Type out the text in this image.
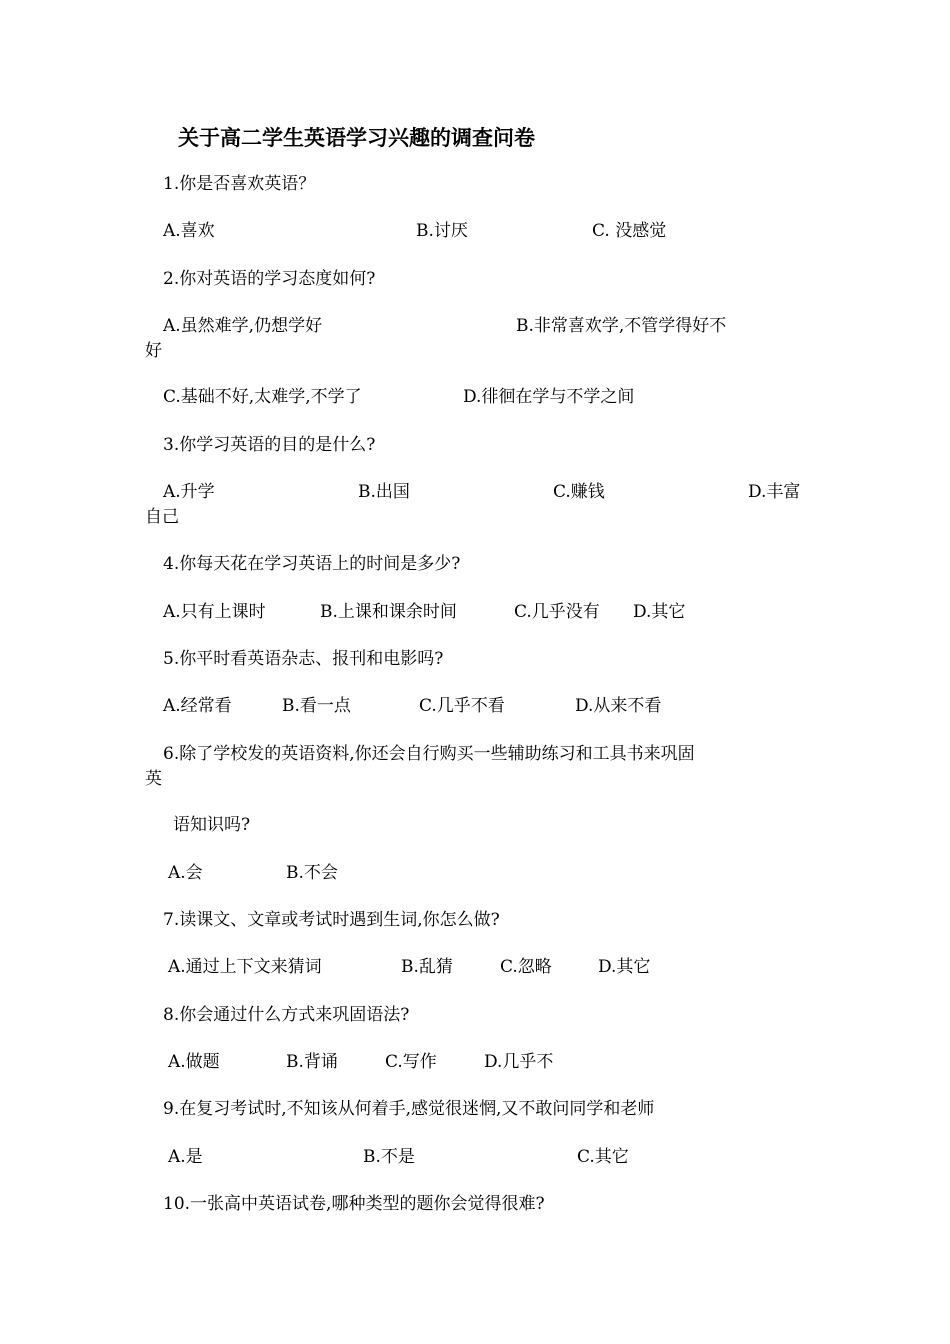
关于高二学生英语学习兴趣的调查问卷
1.你是否喜欢英语？
A.喜欢	B.讨厌	C. 没感觉
2.你对英语的学习态度如何?
A.虽然难学,仍想学好	B.非常喜欢学,不管学得好不
好
C.基础不好,太难学,不学了	D.徘徊在学与不学之间
3.你学习英语的目的是什么?
A.升学	B.出国	C.赚钱	D.丰富
自己
4.你每天花在学习英语上的时间是多少?
A.只有上课时	B.上课和课余时间	C.几乎没有 D.其它
5.你平时看英语杂志、报刊和电影吗?
A.经常看	B.看一点	C.几乎不看	D.从来不看
6.除了学校发的英语资料,你还会自行购买一些辅助练习和工具书来巩固
英
语知识吗?
A.会	B.不会
7.读课文、文章或考试时遇到生词,你怎么做?
A.通过上下文来猜词	B.乱猜	C.忽略	D.其它
8.你会通过什么方式来巩固语法?
A.做题	B.背诵	C.写作	D.几乎不
9.在复习考试时,不知该从何着手,感觉很迷惘,又不敢问同学和老师
A.是	B.不是	C.其它
10.一张高中英语试卷,哪种类型的题你会觉得很难?
